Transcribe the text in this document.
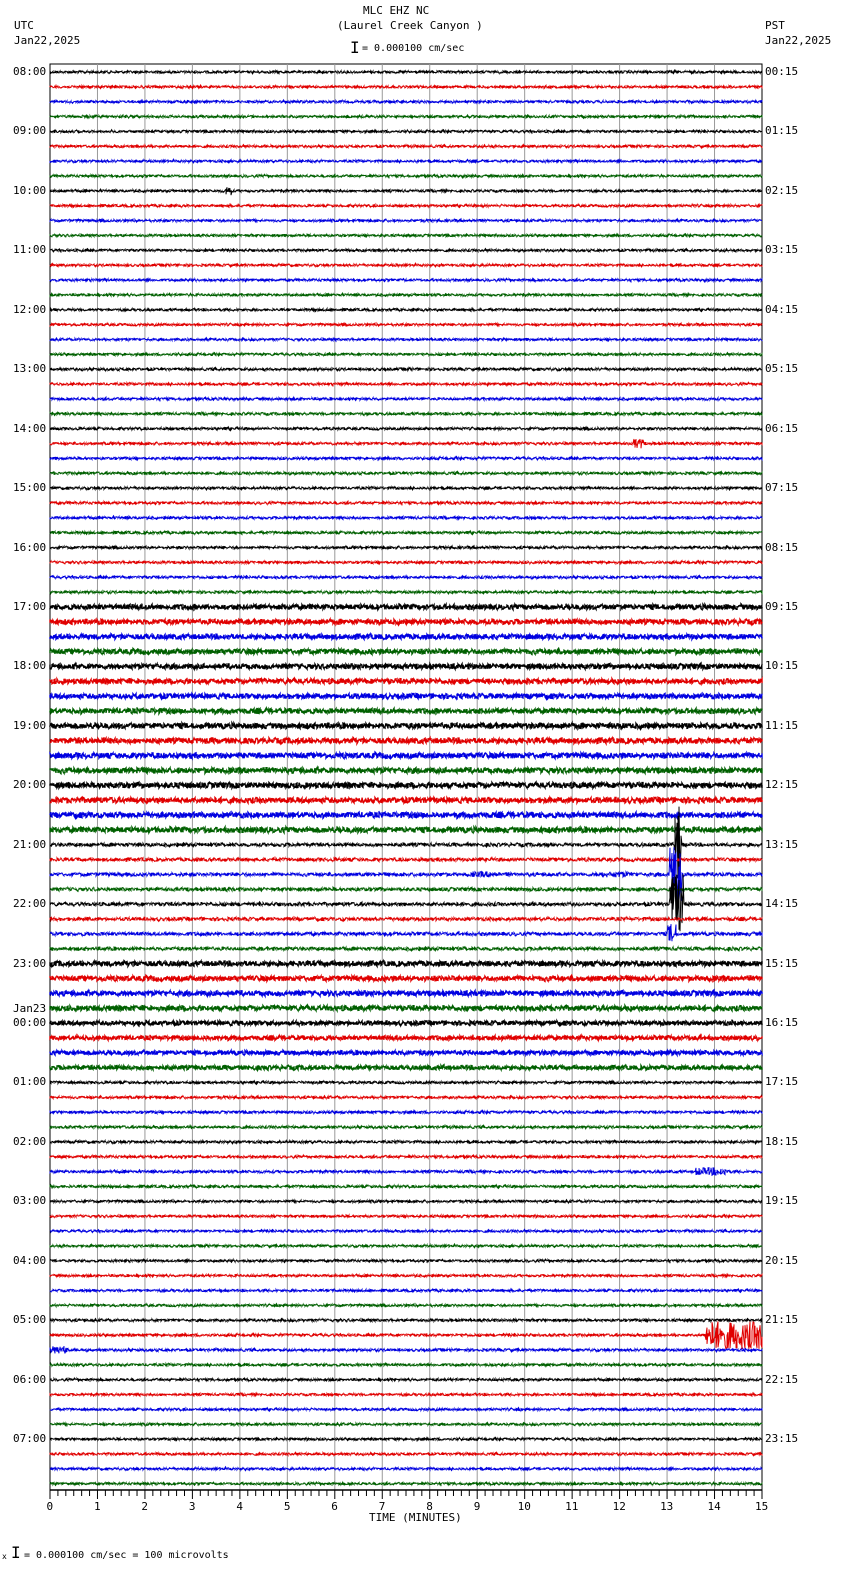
MLC EHZ NC
(Laurel Creek Canyon )
UTC
Jan22,2025
PST
Jan22,2025
I = 0.000100 cm/sec
0	1	2	3	4	5	6	7	8	9	10	11	12	13	14	15
08:00
09:00
10:00
11:00
12:00
13:00
14:00
15:00
16:00
17:00
18:00
19:00
20:00
21:00
22:00
23:00
00:00
Jan23
01:00
02:00
03:00
04:00
05:00
06:00
07:00
00:15
01:15
02:15
03:15
04:15
05:15
06:15
07:15
08:15
09:15
10:15
11:15
12:15
13:15
14:15
15:15
16:15
17:15
18:15
19:15
20:15
21:15
22:15
23:15
TIME (MINUTES)
x I = 0.000100 cm/sec = 100 microvolts
